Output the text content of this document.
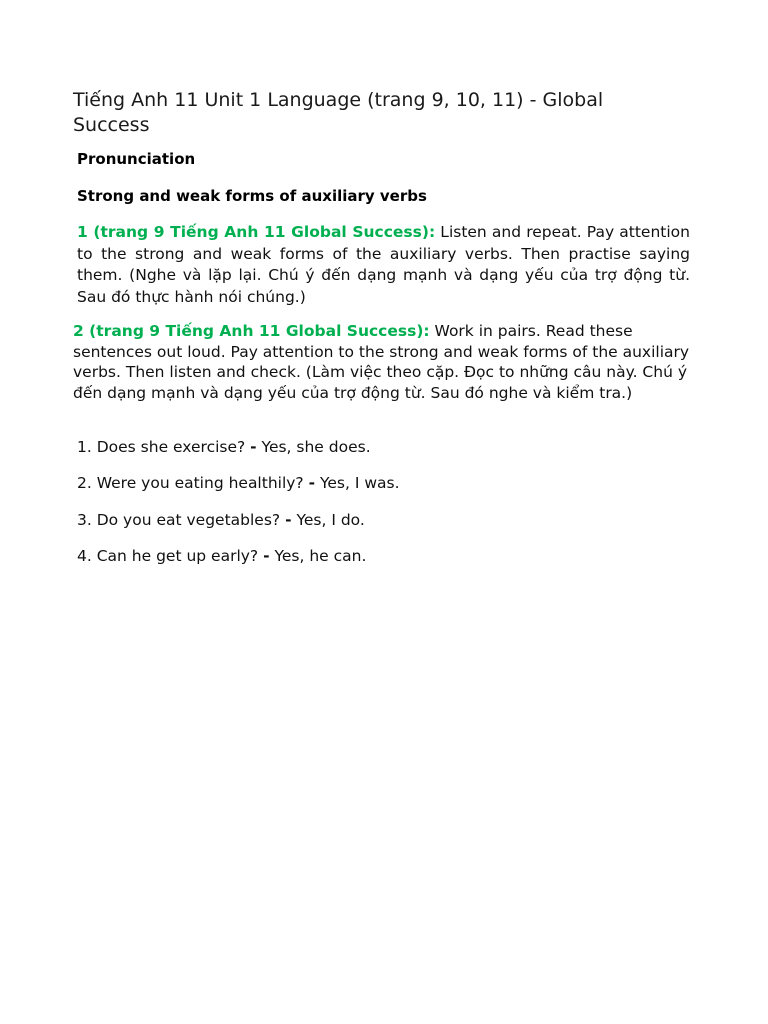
Tiếng Anh 11 Unit 1 Language (trang 9, 10, 11) - Global Success
Pronunciation
Strong and weak forms of auxiliary verbs
1 (trang 9 Tiếng Anh 11 Global Success): Listen and repeat. Pay attention to the strong and weak forms of the auxiliary verbs. Then practise saying them. (Nghe và lặp lại. Chú ý đến dạng mạnh và dạng yếu của trợ động từ. Sau đó thực hành nói chúng.)
2 (trang 9 Tiếng Anh 11 Global Success): Work in pairs. Read these sentences out loud. Pay attention to the strong and weak forms of the auxiliary verbs. Then listen and check. (Làm việc theo cặp. Đọc to những câu này. Chú ý đến dạng mạnh và dạng yếu của trợ động từ. Sau đó nghe và kiểm tra.)
1. Does she exercise? - Yes, she does.
2. Were you eating healthily? - Yes, I was.
3. Do you eat vegetables? - Yes, I do.
4. Can he get up early? - Yes, he can.
